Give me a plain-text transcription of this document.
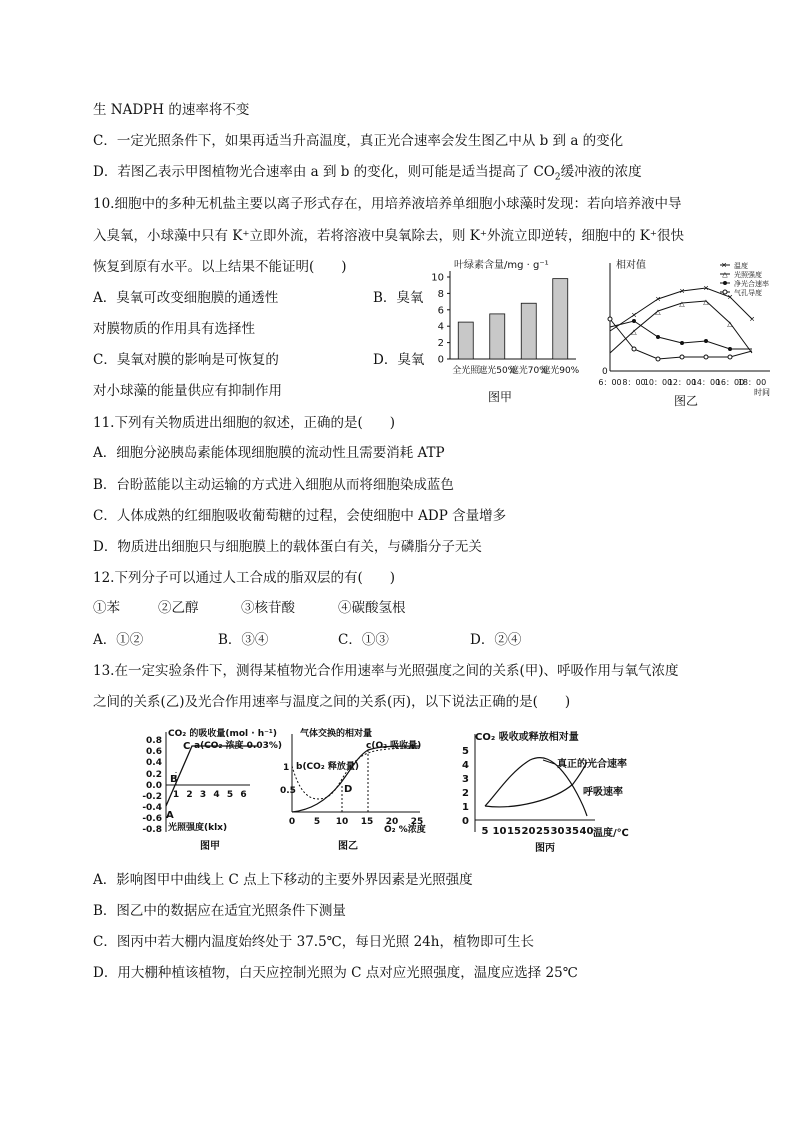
生 NADPH 的速率将不变
C．一定光照条件下，如果再适当升高温度，真正光合速率会发生图乙中从 b 到 a 的变化
D．若图乙表示甲图植物光合速率由 a 到 b 的变化，则可能是适当提高了 $CO_2$缓冲液的浓度
10.细胞中的多种无机盐主要以离子形式存在，用培养液培养单细胞小球藻时发现：若向培养液中导
入臭氧，小球藻中只有 K⁺立即外流，若将溶液中臭氧除去，则 K⁺外流立即逆转，细胞中的 K⁺很快
恢复到原有水平。以上结果不能证明(　　)
A．臭氧可改变细胞膜的通透性	B．臭氧
对膜物质的作用具有选择性
C．臭氧对膜的影响是可恢复的	D．臭氧
对小球藻的能量供应有抑制作用
叶绿素含量/mg · g⁻¹
0
2
4
6
8
10
全光照
遮光50%
遮光70%
遮光90%
图甲
相对值
0
6：00 8：00
10：00
12：00
14：00
16：00
18：00
时间
✕ 温度
△ 光照强度
净光合速率
气孔导度
✕
✕
✕	✕
✕
✕
△
△
△	△
△
图乙
11.下列有关物质进出细胞的叙述，正确的是(　　)
A．细胞分泌胰岛素能体现细胞膜的流动性且需要消耗 ATP
B．台盼蓝能以主动运输的方式进入细胞从而将细胞染成蓝色
C．人体成熟的红细胞吸收葡萄糖的过程，会使细胞中 ADP 含量增多
D．物质进出细胞只与细胞膜上的载体蛋白有关，与磷脂分子无关
12.下列分子可以通过人工合成的脂双层的有(　　)
①苯	②乙醇	③核苷酸	④碳酸氢根
A．①②	B．③④	C．①③	D．②④
13.在一定实验条件下，测得某植物光合作用速率与光照强度之间的关系(甲)、呼吸作用与氧气浓度
之间的关系(乙)及光合作用速率与温度之间的关系(丙)，以下说法正确的是(　　)
CO₂ 的吸收量(mol · h⁻¹)
0.8
0.6
0.4
0.2
0.0
-0.2
-0.4
-0.6
-0.8
1 2 3 4 5 6
C a(CO₂ 浓度 0.03%)
B
A
光照强度(klx)
图甲
气体交换的相对量
1
0.5
0 5 10 15 20 25
b(CO₂ 释放量)
c(O₂ 吸收量)
D
O₂ %浓度
图乙
CO₂ 吸收或释放相对量
5
4
3
2
1
0
5 10 15 20 25 30 35 40
真正的光合速率
呼吸速率
温度/℃
图丙
A．影响图甲中曲线上 C 点上下移动的主要外界因素是光照强度
B．图乙中的数据应在适宜光照条件下测量
C．图丙中若大棚内温度始终处于 37.5℃，每日光照 24h，植物即可生长
D．用大棚种植该植物，白天应控制光照为 C 点对应光照强度，温度应选择 25℃
